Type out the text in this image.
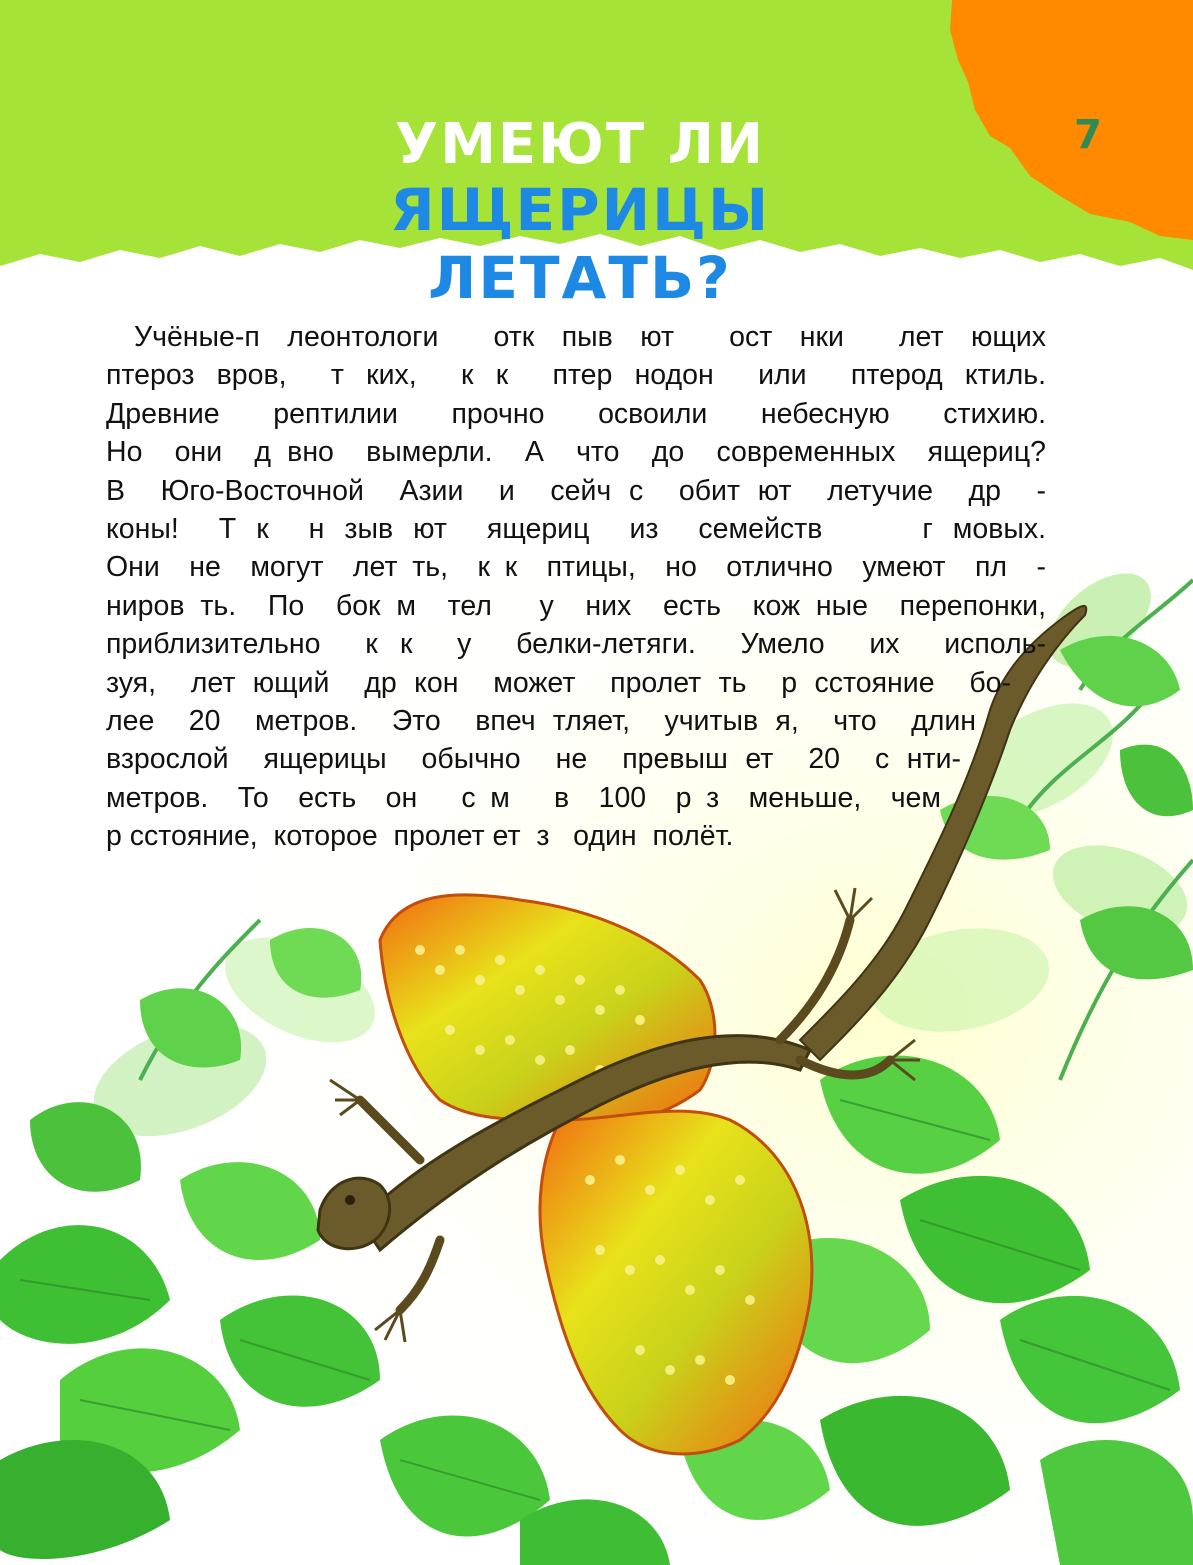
УМЕЮТ ЛИ
ЯЩЕРИЦЫ ЛЕТАТЬ?
7
Учёные-п леонтологи  отк пыв ют  ост нки  лет ющих
птероз вров,  т ких,  к к  птер нодон  или  птерод ктиль.
Древние  рептилии  прочно  освоили  небесную  стихию.
Но  они  д вно  вымерли.  А  что  до  современных  ящериц?
В  Юго-Восточной  Азии  и  сейч с  обит ют  летучие  др  -
коны!  Т к  н зыв ют  ящериц  из  семейств     г мовых.
Они  не  могут  лет ть,  к к  птицы,  но  отлично  умеют  пл  -
ниров ть.  По  бок м  тел   у  них  есть  кож ные  перепонки,
приблизительно  к к  у  белки-летяги.  Умело  их  исполь-
зуя,  лет ющий  др кон  может  пролет ть  р сстояние  бо-
лее  20  метров.  Это  впеч тляет,  учитыв я,  что  длин
взрослой  ящерицы  обычно  не  превыш ет  20  с нти-
метров.  То  есть  он   с м   в  100  р з  меньше,  чем
р сстояние,  которое  пролет ет  з   один  полёт.
